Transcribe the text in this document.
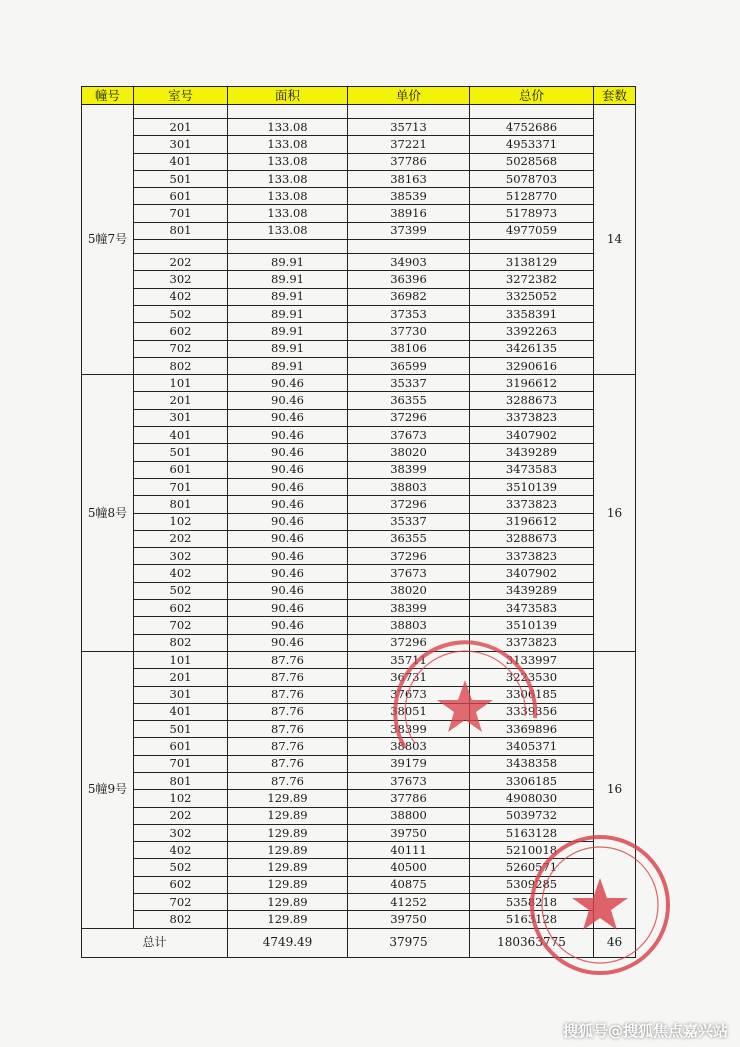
幢号	室号	面积	单价	总价	套数
5幢7号					14
	201	133.08	35713	4752686	
	301	133.08	37221	4953371	
	401	133.08	37786	5028568	
	501	133.08	38163	5078703	
	601	133.08	38539	5128770	
	701	133.08	38916	5178973	
	801	133.08	37399	4977059	

	202	89.91	34903	3138129	
	302	89.91	36396	3272382	
	402	89.91	36982	3325052	
	502	89.91	37353	3358391	
	602	89.91	37730	3392263	
	702	89.91	38106	3426135	
	802	89.91	36599	3290616	
5幢8号	101	90.46	35337	3196612	16
	201	90.46	36355	3288673	
	301	90.46	37296	3373823	
	401	90.46	37673	3407902	
	501	90.46	38020	3439289	
	601	90.46	38399	3473583	
	701	90.46	38803	3510139	
	801	90.46	37296	3373823	
	102	90.46	35337	3196612	
	202	90.46	36355	3288673	
	302	90.46	37296	3373823	
	402	90.46	37673	3407902	
	502	90.46	38020	3439289	
	602	90.46	38399	3473583	
	702	90.46	38803	3510139	
	802	90.46	37296	3373823	
5幢9号	101	87.76	35711	3133997	16
	201	87.76	36731	3223530	
	301	87.76	37673	3306185	
	401	87.76	38051	3339356	
	501	87.76	38399	3369896	
	601	87.76	38803	3405371	
	701	87.76	39179	3438358	
	801	87.76	37673	3306185	
	102	129.89	37786	4908030	
	202	129.89	38800	5039732	
	302	129.89	39750	5163128	
	402	129.89	40111	5210018	
	502	129.89	40500	5260571	
	602	129.89	40875	5309285	
	702	129.89	41252	5358218	
	802	129.89	39750	5163128	
总计		4749.49	37975	180363775	46
搜狐号@搜狐焦点嘉兴站
